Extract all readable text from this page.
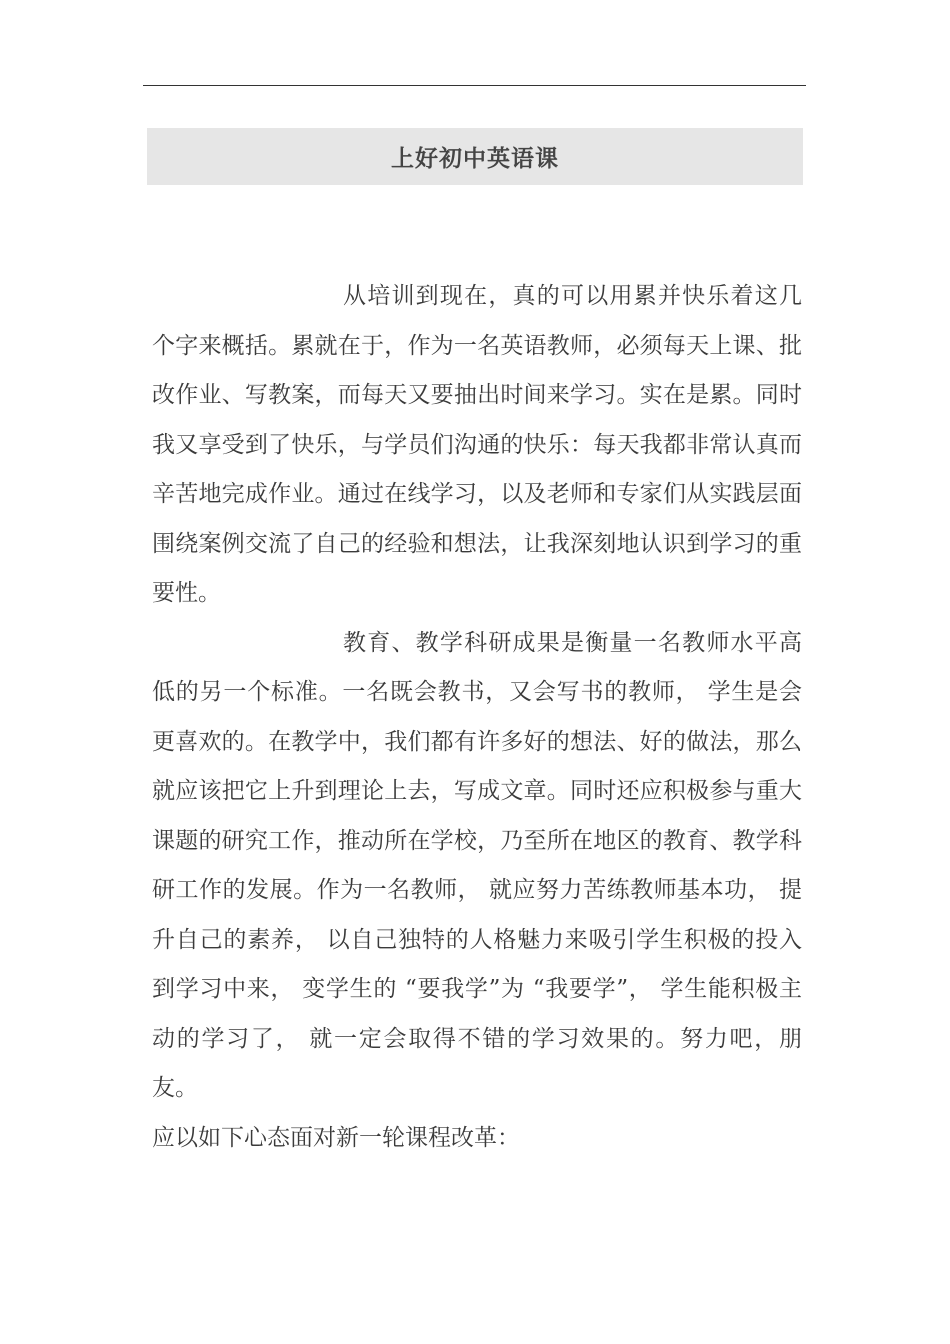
上好初中英语课

从培训到现在，真的可以用累并快乐着这几个字来概括。累就在于，作为一名英语教师，必须每天上课、批改作业、写教案，而每天又要抽出时间来学习。实在是累。同时我又享受到了快乐，与学员们沟通的快乐：每天我都非常认真而辛苦地完成作业。通过在线学习，以及老师和专家们从实践层面围绕案例交流了自己的经验和想法，让我深刻地认识到学习的重要性。

教育、教学科研成果是衡量一名教师水平高低的另一个标准。一名既会教书，又会写书的教师， 学生是会更喜欢的。在教学中，我们都有许多好的想法、好的做法，那么就应该把它上升到理论上去，写成文章。同时还应积极参与重大课题的研究工作，推动所在学校，乃至所在地区的教育、教学科研工作的发展。作为一名教师， 就应努力苦练教师基本功， 提升自己的素养， 以自己独特的人格魅力来吸引学生积极的投入到学习中来， 变学生的 “要我学”为 “我要学”， 学生能积极主动的学习了， 就一定会取得不错的学习效果的。努力吧，朋友。

应以如下心态面对新一轮课程改革：
